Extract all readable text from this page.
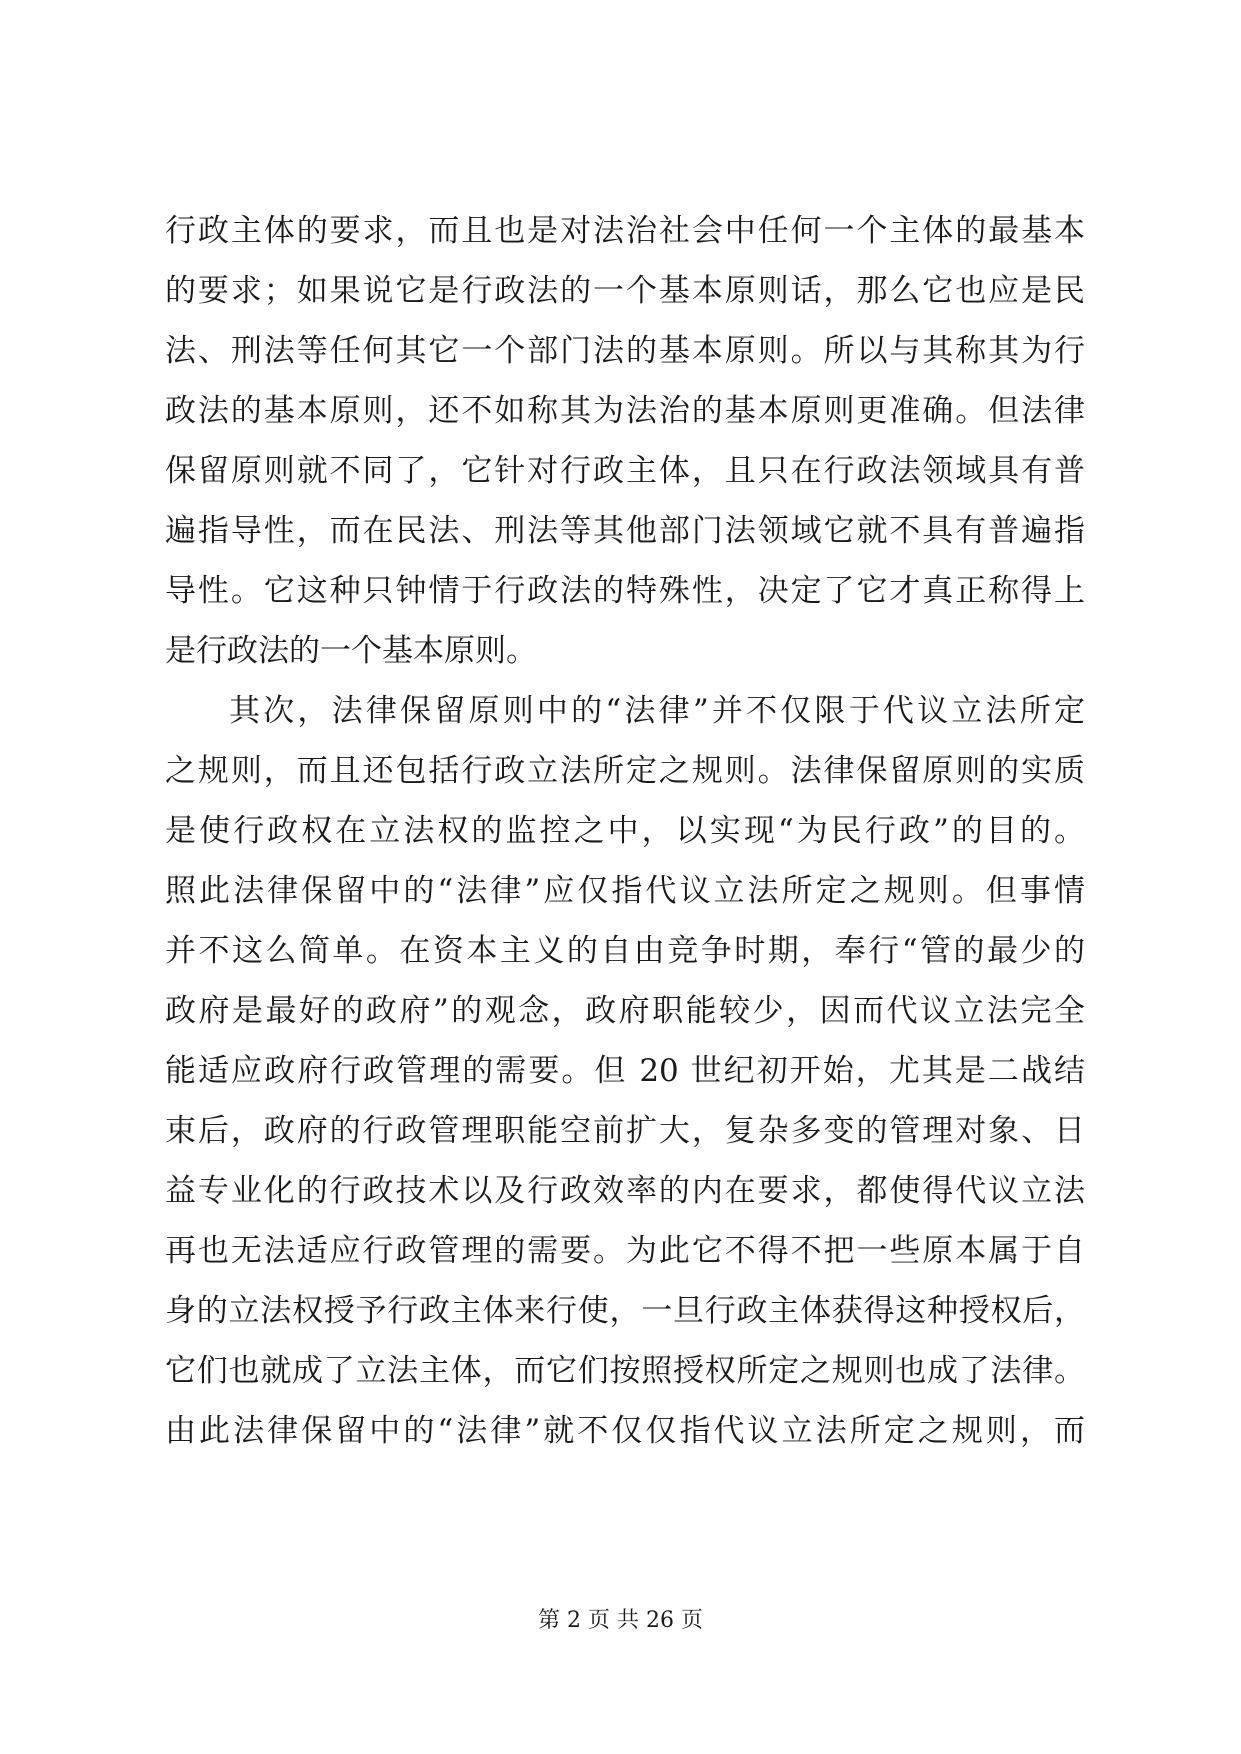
行政主体的要求，而且也是对法治社会中任何一个主体的最基本
的要求；如果说它是行政法的一个基本原则话，那么它也应是民
法、刑法等任何其它一个部门法的基本原则。所以与其称其为行
政法的基本原则，还不如称其为法治的基本原则更准确。但法律
保留原则就不同了，它针对行政主体，且只在行政法领域具有普
遍指导性，而在民法、刑法等其他部门法领域它就不具有普遍指
导性。它这种只钟情于行政法的特殊性，决定了它才真正称得上
是行政法的一个基本原则。
其次，法律保留原则中的“法律”并不仅限于代议立法所定
之规则，而且还包括行政立法所定之规则。法律保留原则的实质
是使行政权在立法权的监控之中，以实现“为民行政”的目的。
照此法律保留中的“法律”应仅指代议立法所定之规则。但事情
并不这么简单。在资本主义的自由竞争时期，奉行“管的最少的
政府是最好的政府”的观念，政府职能较少，因而代议立法完全
能适应政府行政管理的需要。但 20 世纪初开始，尤其是二战结
束后，政府的行政管理职能空前扩大，复杂多变的管理对象、日
益专业化的行政技术以及行政效率的内在要求，都使得代议立法
再也无法适应行政管理的需要。为此它不得不把一些原本属于自
身的立法权授予行政主体来行使，一旦行政主体获得这种授权后，
它们也就成了立法主体，而它们按照授权所定之规则也成了法律。
由此法律保留中的“法律”就不仅仅指代议立法所定之规则，而
第 2 页 共 26 页
